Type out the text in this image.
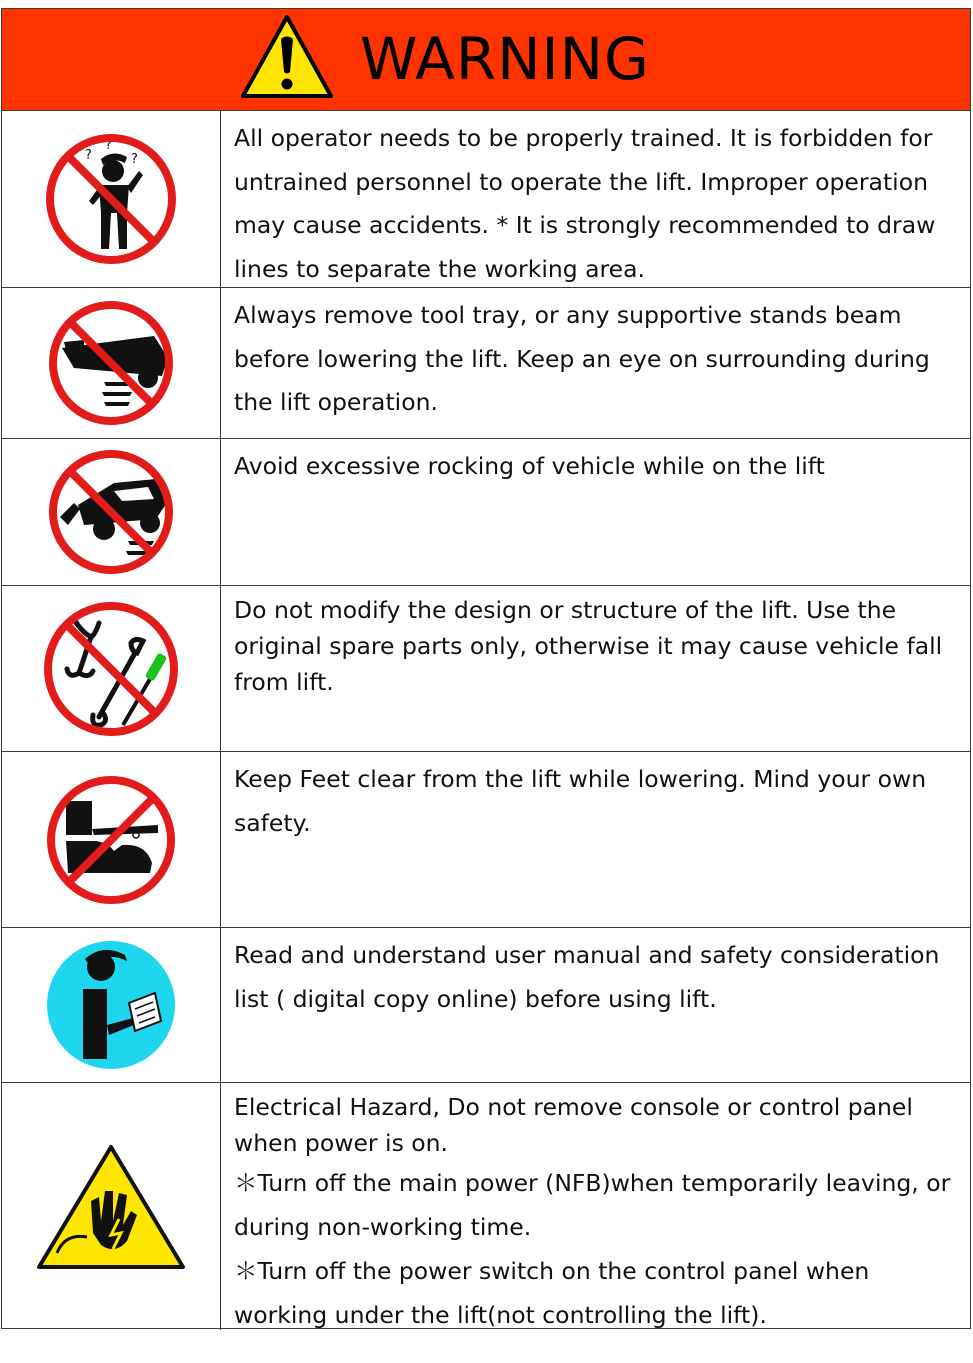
WARNING
?
?
?
All operator needs to be properly trained. It is forbidden for untrained personnel to operate the lift. Improper operation may cause accidents. * It is strongly recommended to draw lines to separate the working area.
Always remove tool tray, or any supportive stands beam before lowering the lift. Keep an eye on surrounding during the lift operation.
Avoid excessive rocking of vehicle while on the lift
Do not modify the design or structure of the lift. Use the original spare parts only, otherwise it may cause vehicle fall from lift.
Keep Feet clear from the lift while lowering. Mind your own safety.
Read and understand user manual and safety consideration list ( digital copy online) before using lift.

Electrical Hazard, Do not remove console or control panel when power is on.

＊Turn off the main power (NFB)when temporarily leaving, or during non-working time.

＊Turn off the power switch on the control panel when working under the lift(not controlling the lift).
